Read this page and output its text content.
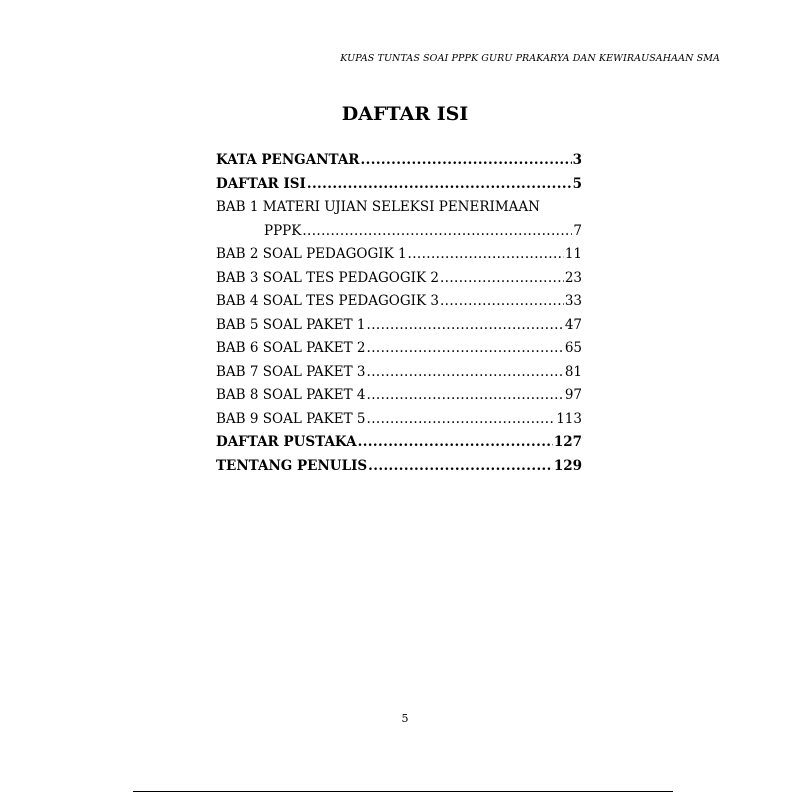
KUPAS TUNTAS SOAI PPPK GURU PRAKARYA DAN KEWIRAUSAHAAN SMA
DAFTAR ISI
KATA PENGANTAR .....	3
DAFTAR ISI .....	5
BAB 1 MATERI UJIAN SELEKSI PENERIMAAN
PPPK .....	7
BAB 2 SOAL PEDAGOGIK 1 .....	11
BAB 3 SOAL TES PEDAGOGIK 2 .....	23
BAB 4 SOAL TES PEDAGOGIK 3 .....	33
BAB 5 SOAL PAKET 1 .....	47
BAB 6 SOAL PAKET 2 .....	65
BAB 7 SOAL PAKET 3 .....	81
BAB 8 SOAL PAKET 4 .....	97
BAB 9 SOAL PAKET 5 .....	113
DAFTAR PUSTAKA .....	127
TENTANG PENULIS .....	129
5
